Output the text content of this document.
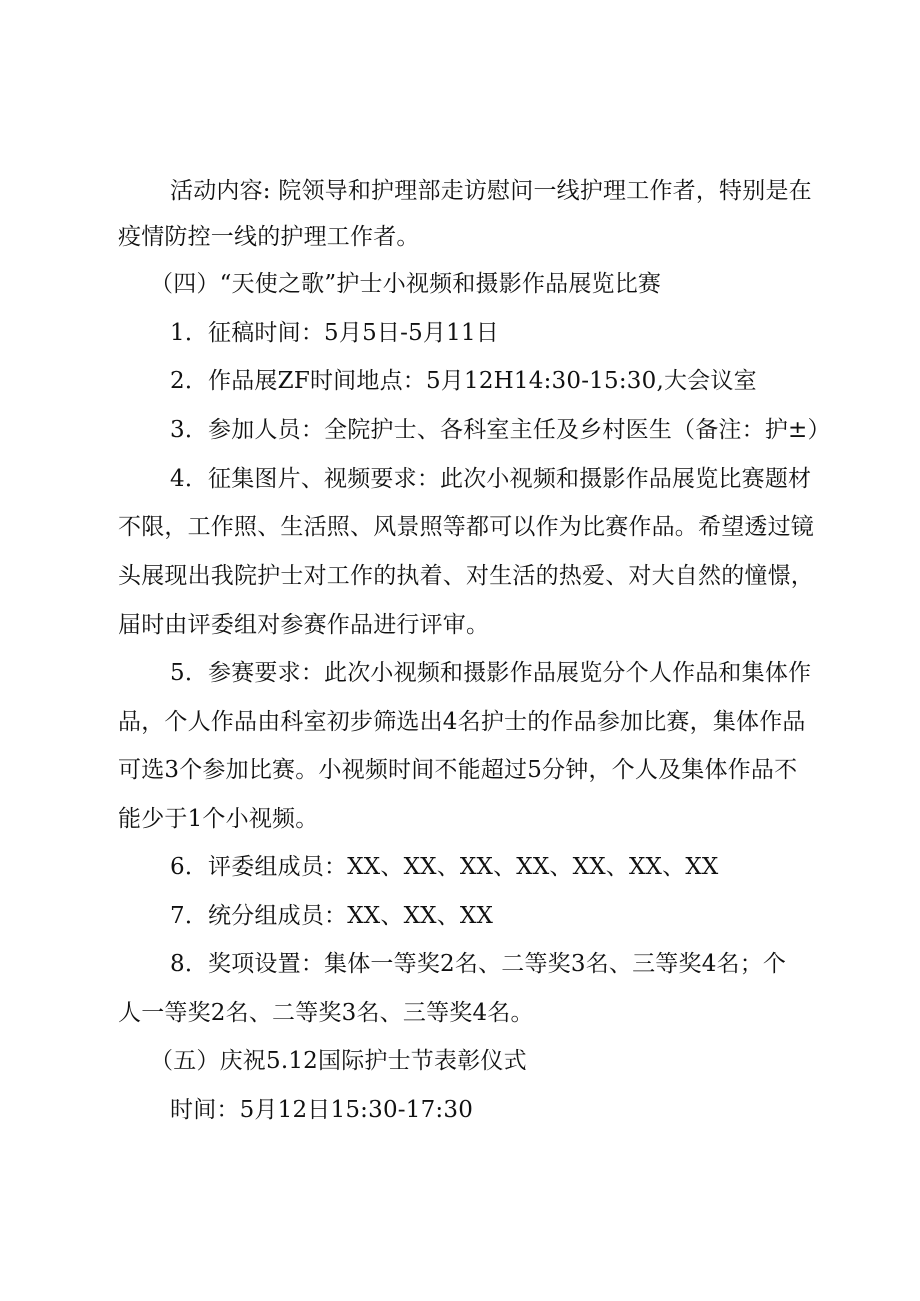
活动内容: 院领导和护理部走访慰问一线护理工作者，特别是在
疫情防控一线的护理工作者。
（四）“天使之歌”护士小视频和摄影作品展览比赛
1．征稿时间：5月5日-5月11日
2．作品展ZF时间地点：5月12H14:30-15:30,大会议室
3．参加人员：全院护士、各科室主任及乡村医生（备注：护±）
4．征集图片、视频要求：此次小视频和摄影作品展览比赛题材
不限，工作照、生活照、风景照等都可以作为比赛作品。希望透过镜
头展现出我院护士对工作的执着、对生活的热爱、对大自然的憧憬，
届时由评委组对参赛作品进行评审。
5．参赛要求：此次小视频和摄影作品展览分个人作品和集体作
品，个人作品由科室初步筛选出4名护士的作品参加比赛，集体作品
可选3个参加比赛。小视频时间不能超过5分钟，个人及集体作品不
能少于1个小视频。
6．评委组成员：XX、XX、XX、XX、XX、XX、XX
7．统分组成员：XX、XX、XX
8．奖项设置：集体一等奖2名、二等奖3名、三等奖4名；个
人一等奖2名、二等奖3名、三等奖4名。
（五）庆祝5.12国际护士节表彰仪式
时间：5月12日15:30-17:30
